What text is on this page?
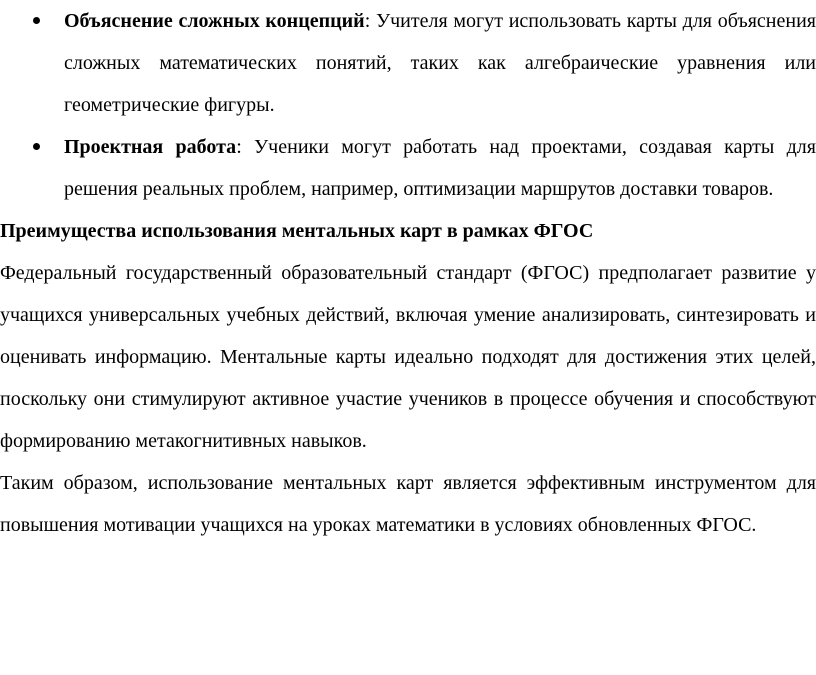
Объяснение сложных концепций: Учителя могут использовать карты для объяснения сложных математических понятий, таких как алгебраические уравнения или геометрические фигуры.
Проектная работа: Ученики могут работать над проектами, создавая карты для решения реальных проблем, например, оптимизации маршрутов доставки товаров.

Преимущества использования ментальных карт в рамках ФГОС

Федеральный государственный образовательный стандарт (ФГОС) предполагает развитие у учащихся универсальных учебных действий, включая умение анализировать, синтезировать и оценивать информацию. Ментальные карты идеально подходят для достижения этих целей, поскольку они стимулируют активное участие учеников в процессе обучения и способствуют формированию метакогнитивных навыков.

Таким образом, использование ментальных карт является эффективным инструментом для повышения мотивации учащихся на уроках математики в условиях обновленных ФГОС.
